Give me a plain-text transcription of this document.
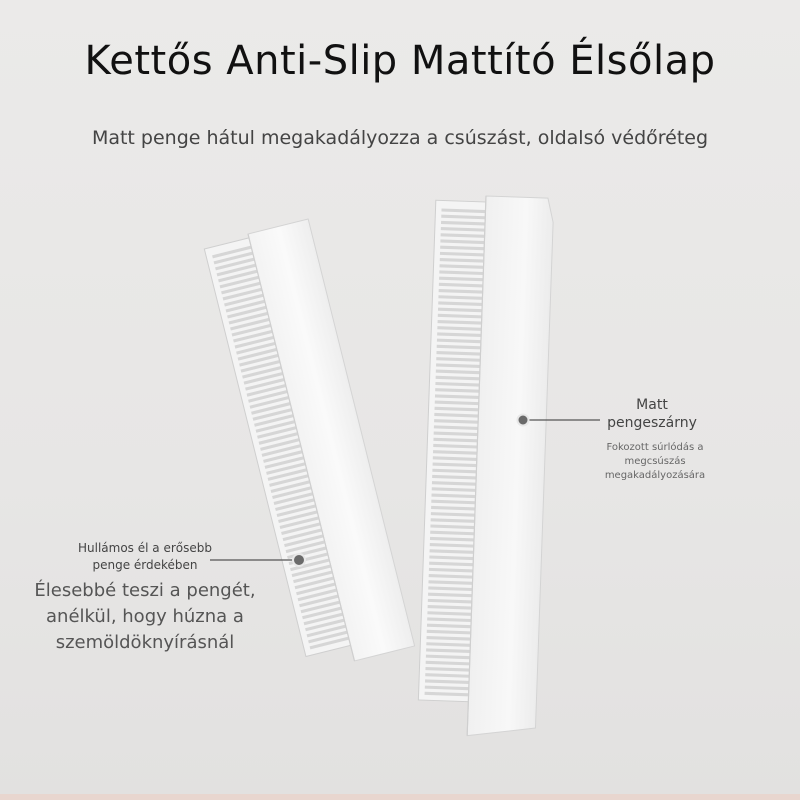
Kettős Anti-Slip Mattító Élsőlap
Matt penge hátul megakadályozza a csúszást, oldalsó védőréteg
Matt
pengeszárny
Fokozott súrlódás a
megcsúszás
megakadályozására
Hullámos él a erősebb
penge érdekében
Élesebbé teszi a pengét,
anélkül, hogy húzna a
szemöldöknyírásnál
